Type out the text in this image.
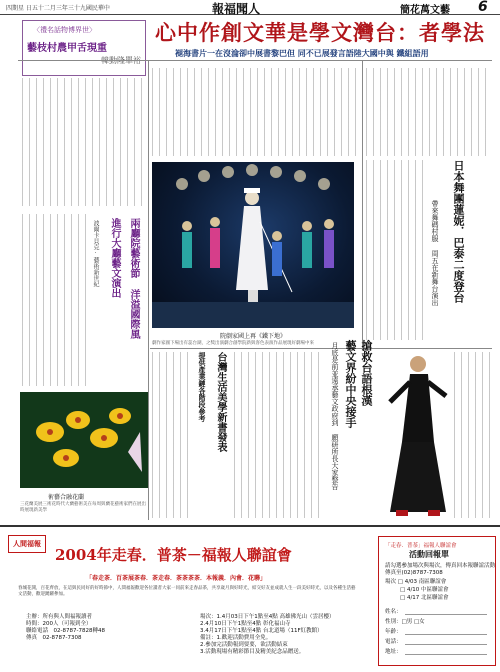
四期星 日五十二月三年三十九國民華中	報福聞人	簡花萬文藝 6
心中作創文華是學文灣台：者學法
褪海書片一在沒淪卻中展書黎巴但 同不已展發言語陸大國中與 鐵組語用
〈禮名話物博界世〉
藝枝村農甲舌現重
院劇家國上再《鐵下地》
劇作家國下場出有蕊台湖，之獎出演劇合創學院新與客色表演作品展現好劇場中來
日本舞團蓮妮．巴泰二度登台
帶來舞碼村服 周五在新舞台演出
兩廳院藝術節 洋溢國際風
進行大廳藝文演出
波爾卡貝克·藝術新世紀
術藝合融花蘭
三花蘭美展三術花時代大蘭藝術美在每周與蘭花藝術家們在展出時展現新美學
台灣生活美學新書發表
提供產業鏈各階段參考	搶救台語根漢
藝文界紛中央接手
月底是前並遠承藝文政府到 願研所長大家整告
人間福報
2004年走春．普茶－福報人聯誼會
「春走茶．百茶展茶春．茶走春．茶茶茶茶．本報義．內會．花聯」
春城花開，百花齊放，在這與民同好的好時節中，人間福報歡迎各位讀者大家一同前來走春品茶，共享歲月與好時光，結交好友並成就人生一段美好時光，以及各種生活藝文活動，歡迎踴躍參加。
主辦：所有與人間福報讀者
時間：200人（可報到全）
聯絡電話　 02-8787-7828轉48
傳真　 02-8787-7308
場次：1.4月03日下午1點至4點 高雄佛光山（雲居樓）
2.4月10日下午1點至4點 彰化福山寺
3.4月17日下午1點至4點 台北道場（11F紅教館）
備註：1.歡迎活動費用全免。
2.參加完活動報到要要，欲活動結束
3.活動現場有精彩節目及精美紀念品贈送。
「走春．普茶」福報人聯誼會
活動回報單
請勾選參加場次與場次，傳真回本報聯誼活動
傳真至(02)8787-7308
場次 □ 4/03 南區聯誼會
□ 4/10 中區聯誼會
□ 4/17 北區聯誼會
姓名：
性別：□男 □女
年齡：
電話：
地址：
